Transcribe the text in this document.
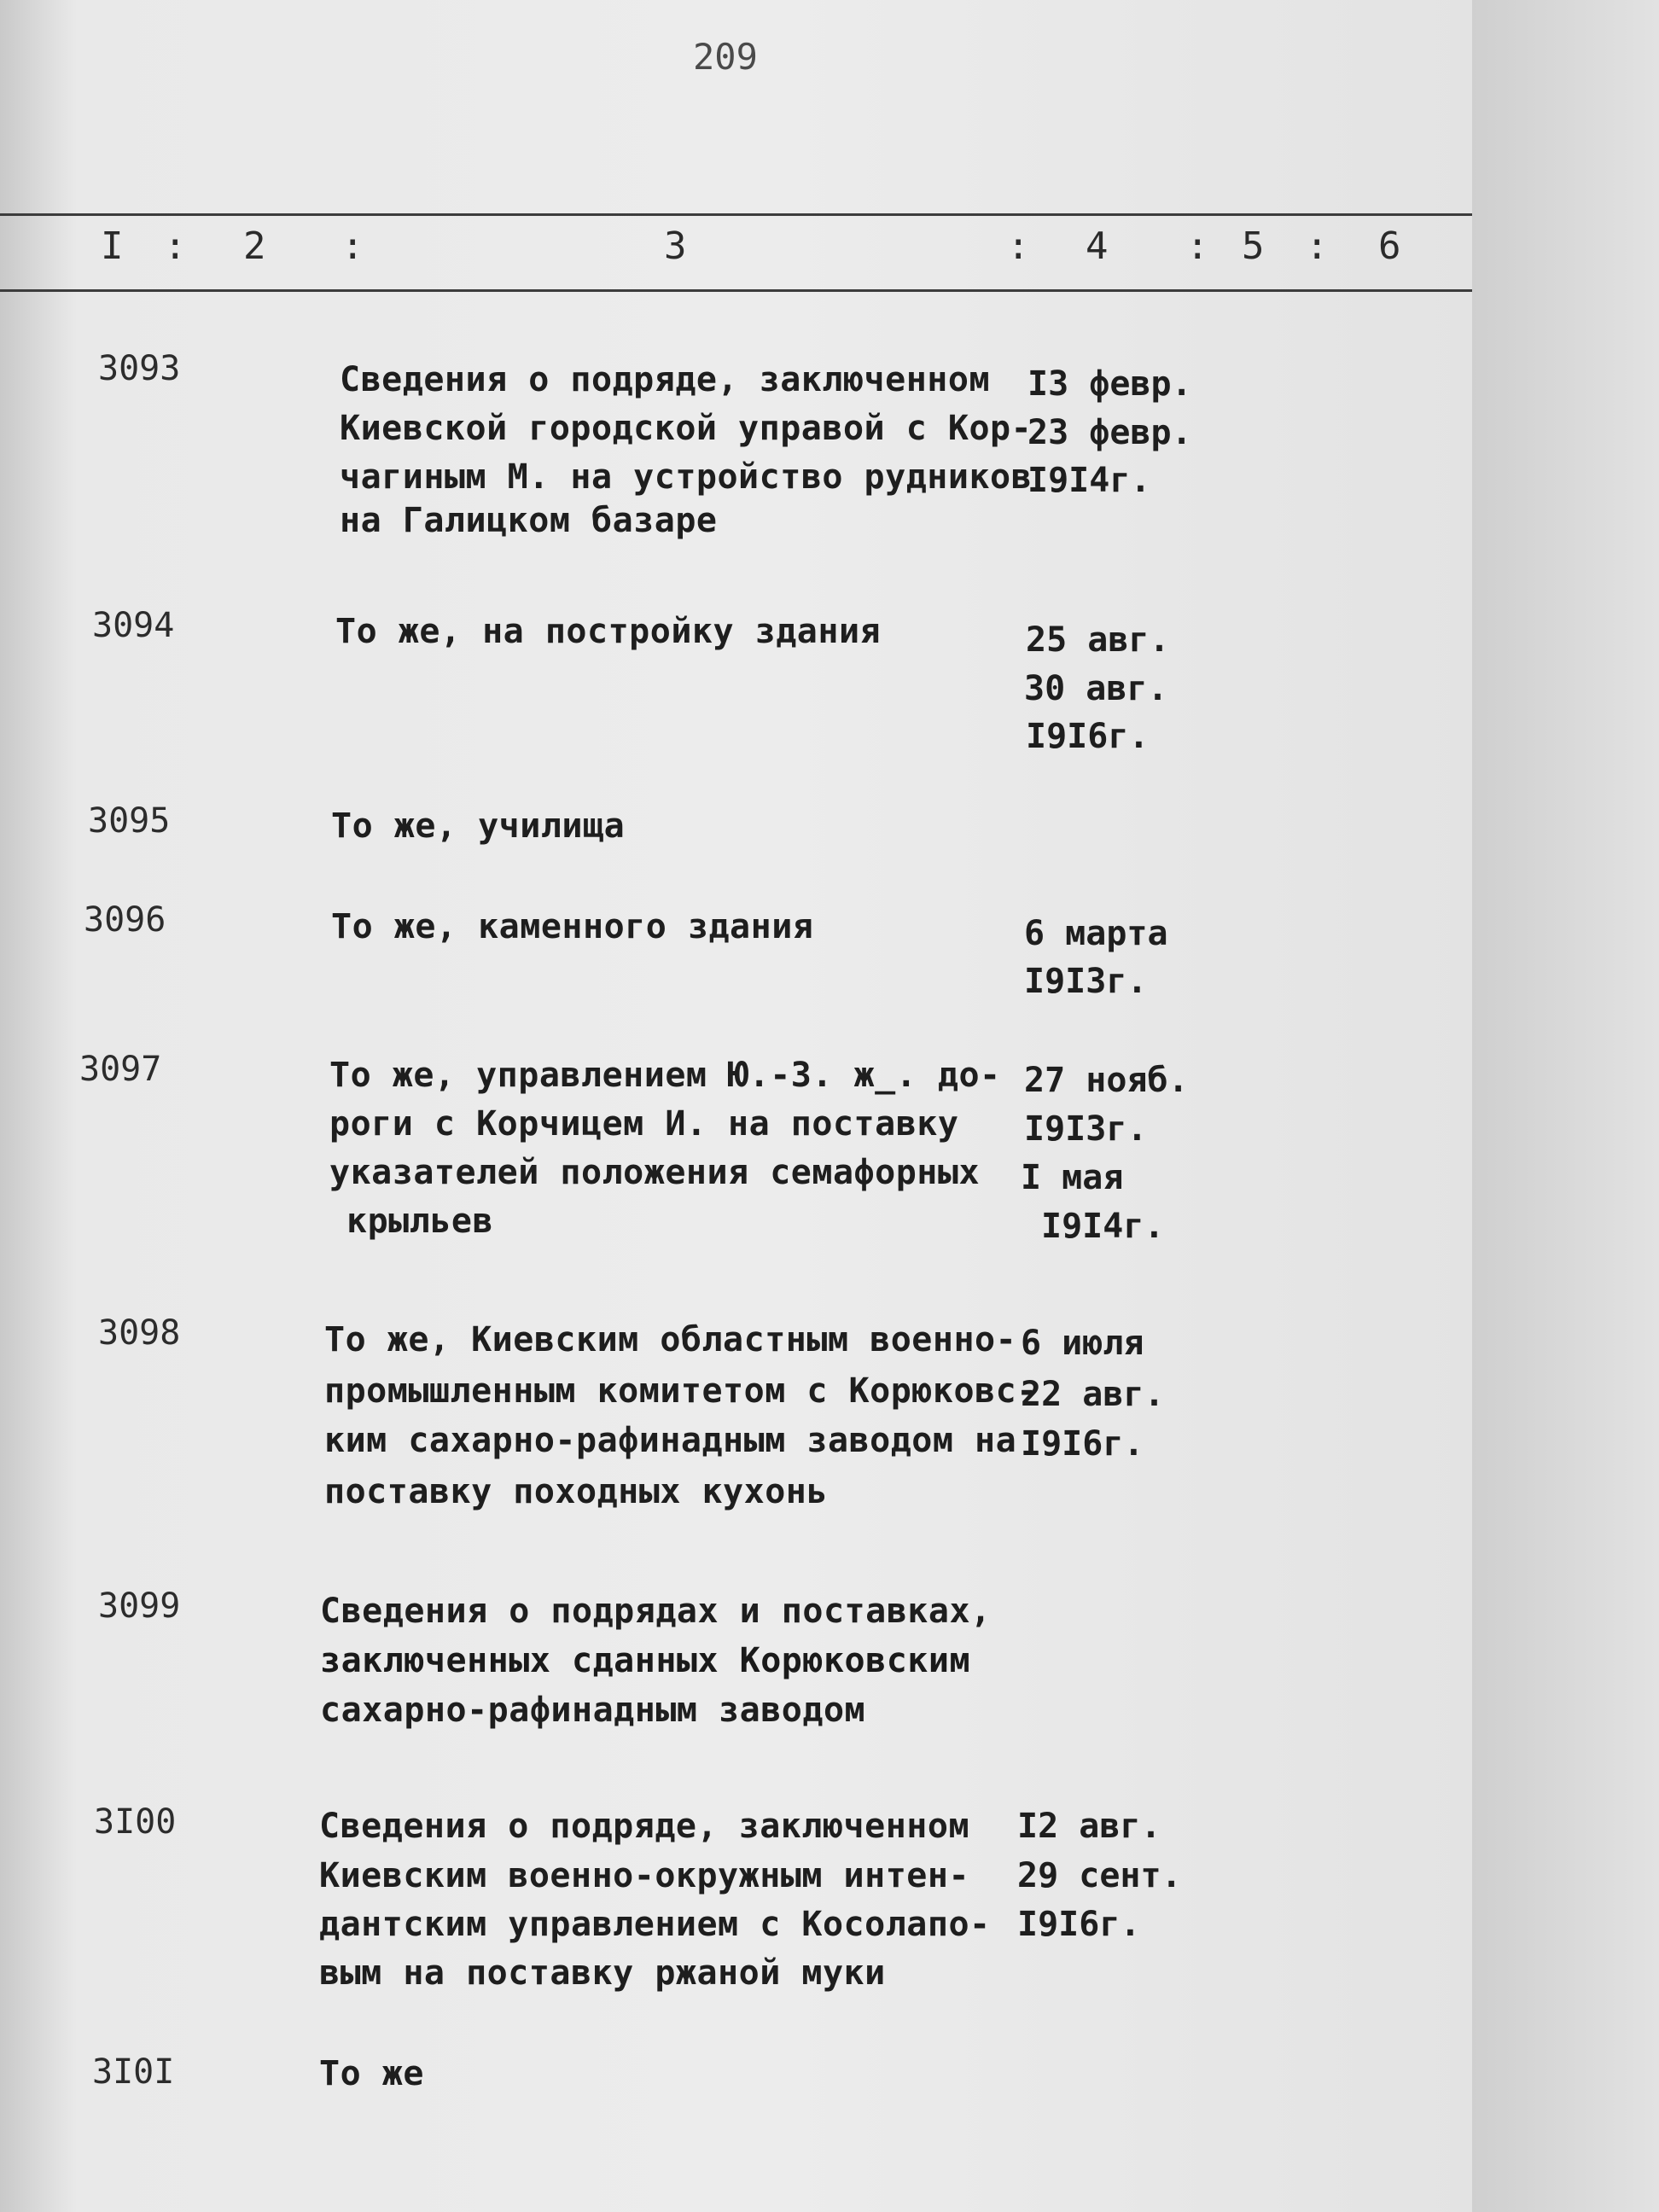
209
I : 2 :	3	: 4 : 5 : 6
3093	Сведения о подряде, заключенном
Киевской городской управой с Кор-
чагиным М. на устройство рудников
на Галицком базаре
I3 февр.
23 февр.
I9I4г.
3094	То же, на постройку здания	25 авг.
30 авг.
I9I6г.
3095	То же, училища
3096	То же, каменного здания	6 марта
I9I3г.
3097	То же, управлением Ю.-З. ж_. до-
роги с Корчицем И. на поставку
указателей положения семафорных
крыльев
27 нояб.
I9I3г.
I мая
I9I4г.
3098	То же, Киевским областным военно-
промышленным комитетом с Корюковс-
ким сахарно-рафинадным заводом на
поставку походных кухонь
6 июля
22 авг.
I9I6г.
3099	Сведения о подрядах и поставках,
заключенных сданных Корюковским
сахарно-рафинадным заводом
3I00	Сведения о подряде, заключенном
Киевским военно-окружным интен-
дантским управлением с Косолапо-
вым на поставку ржаной муки
I2 авг.
29 сент.
I9I6г.
3I0I	То же
